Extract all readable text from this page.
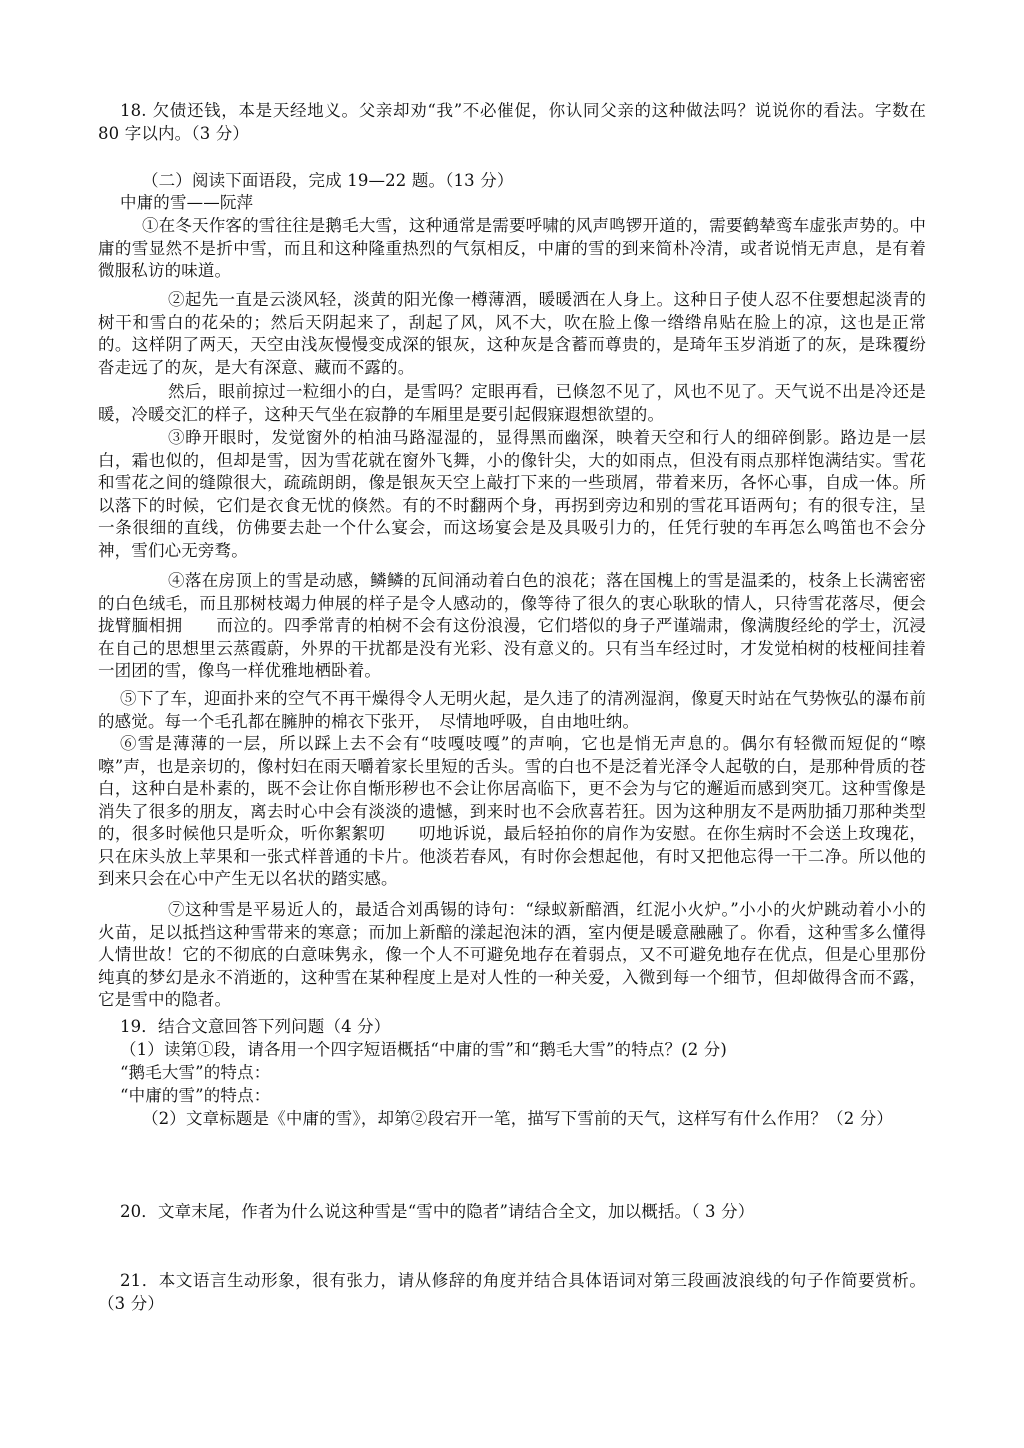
18. 欠债还钱，本是天经地义。父亲却劝“我”不必催促，你认同父亲的这种做法吗？说说你的看法。字数在 80 字以内。（3 分）
（二）阅读下面语段，完成 19—22 题。（13 分）
中庸的雪——阮萍
①在冬天作客的雪往往是鹅毛大雪，这种通常是需要呼啸的风声鸣锣开道的，需要鹤辇鸾车虚张声势的。中庸的雪显然不是折中雪，而且和这种隆重热烈的气氛相反，中庸的雪的到来简朴冷清，或者说悄无声息，是有着微服私访的味道。
②起先一直是云淡风轻，淡黄的阳光像一樽薄酒，暖暖洒在人身上。这种日子使人忍不住要想起淡青的树干和雪白的花朵的；然后天阴起来了，刮起了风，风不大，吹在脸上像一绺绺帛贴在脸上的凉，这也是正常的。这样阴了两天，天空由浅灰慢慢变成深的银灰，这种灰是含蓄而尊贵的，是琦年玉岁消逝了的灰，是珠覆纷沓走远了的灰，是大有深意、藏而不露的。
然后，眼前掠过一粒细小的白，是雪吗？定眼再看，已倏忽不见了，风也不见了。天气说不出是冷还是暖，冷暖交汇的样子，这种天气坐在寂静的车厢里是要引起假寐遐想欲望的。
③睁开眼时，发觉窗外的柏油马路湿湿的，显得黑而幽深，映着天空和行人的细碎倒影。路边是一层白，霜也似的，但却是雪，因为雪花就在窗外飞舞，小的像针尖，大的如雨点，但没有雨点那样饱满结实。雪花和雪花之间的缝隙很大，疏疏朗朗，像是银灰天空上敲打下来的一些琐屑，带着来历，各怀心事，自成一体。所以落下的时候，它们是衣食无忧的倏然。有的不时翻两个身，再拐到旁边和别的雪花耳语两句；有的很专注，呈一条很细的直线，仿佛要去赴一个什么宴会，而这场宴会是及具吸引力的，任凭行驶的车再怎么鸣笛也不会分神，雪们心无旁骛。
④落在房顶上的雪是动感，鳞鳞的瓦间涌动着白色的浪花；落在国槐上的雪是温柔的，枝条上长满密密的白色绒毛，而且那树枝竭力伸展的样子是令人感动的，像等待了很久的衷心耿耿的情人，只待雪花落尽，便会拢臂腼相拥　　而泣的。四季常青的柏树不会有这份浪漫，它们塔似的身子严谨端肃，像满腹经纶的学士，沉浸在自己的思想里云蒸霞蔚，外界的干扰都是没有光彩、没有意义的。只有当车经过时，才发觉柏树的枝桠间挂着一团团的雪，像鸟一样优雅地栖卧着。
⑤下了车，迎面扑来的空气不再干燥得令人无明火起，是久违了的清冽湿润，像夏天时站在气势恢弘的瀑布前的感觉。每一个毛孔都在臃肿的棉衣下张开，　尽情地呼吸，自由地吐纳。
⑥雪是薄薄的一层，所以踩上去不会有“吱嘎吱嘎”的声响，它也是悄无声息的。偶尔有轻微而短促的“嚓嚓”声，也是亲切的，像村妇在雨天嚼着家长里短的舌头。雪的白也不是泛着光泽令人起敬的白，是那种骨质的苍白，这种白是朴素的，既不会让你自惭形秽也不会让你居高临下，更不会为与它的邂逅而感到突兀。这种雪像是消失了很多的朋友，离去时心中会有淡淡的遗憾，到来时也不会欣喜若狂。因为这种朋友不是两肋插刀那种类型的，很多时候他只是听众，听你絮絮叨　　叨地诉说，最后轻拍你的肩作为安慰。在你生病时不会送上玫瑰花，只在床头放上苹果和一张式样普通的卡片。他淡若春风，有时你会想起他，有时又把他忘得一干二净。所以他的到来只会在心中产生无以名状的踏实感。
⑦这种雪是平易近人的，最适合刘禹锡的诗句：“绿蚁新醅酒，红泥小火炉。”小小的火炉跳动着小小的火苗，足以抵挡这种雪带来的寒意；而加上新醅的漾起泡沫的酒，室内便是暖意融融了。你看，这种雪多么懂得人情世故！它的不彻底的白意味隽永，像一个人不可避免地存在着弱点，又不可避免地存在优点，但是心里那份纯真的梦幻是永不消逝的，这种雪在某种程度上是对人性的一种关爱，入微到每一个细节，但却做得含而不露，它是雪中的隐者。
19．结合文意回答下列问题（4 分）
（1）读第①段，请各用一个四字短语概括“中庸的雪”和“鹅毛大雪”的特点？(2 分)
“鹅毛大雪”的特点：
“中庸的雪”的特点：
（2）文章标题是《中庸的雪》，却第②段宕开一笔，描写下雪前的天气，这样写有什么作用？（2 分）
20．文章末尾，作者为什么说这种雪是“雪中的隐者”请结合全文，加以概括。（ 3 分）
21．本文语言生动形象，很有张力，请从修辞的角度并结合具体语词对第三段画波浪线的句子作简要赏析。（3 分）
